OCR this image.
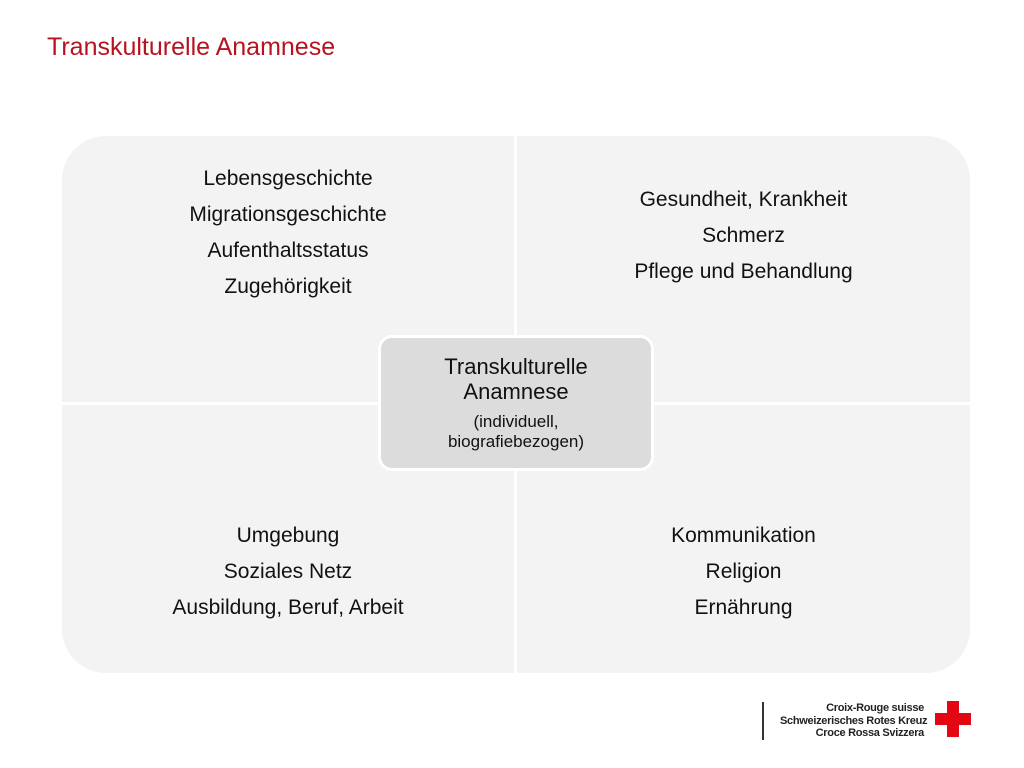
Transkulturelle Anamnese
Lebensgeschichte
Migrationsgeschichte
Aufenthaltsstatus
Zugehörigkeit
Gesundheit, Krankheit
Schmerz
Pflege und Behandlung
Umgebung
Soziales Netz
Ausbildung, Beruf, Arbeit
Kommunikation
Religion
Ernährung
Transkulturelle
Anamnese
(individuell,
biografiebezogen)
Croix-Rouge suisse
Schweizerisches Rotes Kreuz
Croce Rossa Svizzera
